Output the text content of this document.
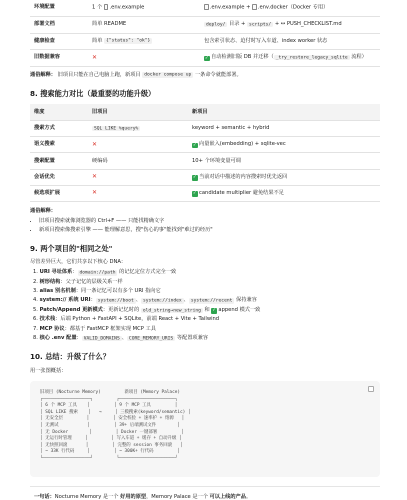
环境配置	1 个 .env.example	.env.example + .env.docker（Docker 专用）
部署文档	简单 README	deploy/ 目录 + scripts/ + ↔ PUSH_CHECKLIST.md
健康检查	简单 {"status": "ok"}	包含索引状态、迫付时写入车道、index worker 状态
旧数据兼容	✕	✓ 自动检测旧版 DB 并迁移（ _try_restore_legacy_sqlite 流程）

通俗解释： 旧项目只能在自己电脑上跑，新项目 docker compose up 一条命令就能部署。

8. 搜索能力对比（最重要的功能升级）
维度	旧项目	新项目
搜索方式	SQL LIKE %query%	keyword + semantic + hybrid
语义搜索	✕	✓ 向量嵌入(embedding) + sqlite-vec
搜索配置	硬编码	10+ 个环境变量可调
会话优先	✕	✓ 当前对话中描述的内容搜索时优先返回
候选项扩展	✕	✓ candidate multiplier 避免结果不足

通俗解释：

• 旧项目搜索就像浏览器的 Ctrl+F —— 只能找精确文字
• 新项目搜索像搜索引擎 —— 能理解意思，搜"伤心的事"能找到"难过的经历"
9. 两个项目的"相同之处"

尽管差异巨大，它们共享以下核心 DNA：

1. URI 寻址体系： domain://path 的记忆定位方式完全一致
2. 树形结构：父子记忆的层级关系一样
3. alias 别名机制：同一条记忆可以有多个 URI 指向它
4. system:// 系统 URI： system://boot 、 system://index 、 system://recent 保持兼容
5. Patch/Append 更新模式：更新记忆时的 old_string→new_string 和 ✓ append 模式一致
6. 技术栈：后端 Python + FastAPI + SQLite，前端 React + Vite + Tailwind
7. MCP 协议：都基于 FastMCP 框架实现 MCP 工具
8. 核心 .env 配置： VALID_DOMAINS 、 CORE_MEMORY_URIS 等配置项兼容
10. 总结：升级了什么？

用一张图概括：

旧项目 (Nocturne Memory)         新项目 (Memory Palace)
┌──────────────────┐         ┌─────────────────────┐
│ 6 个 MCP 工具    │         │ 9 个 MCP 工具         │
│ SQL LIKE 搜索    │   →     │ 三模搜索(keyword/semantic) │
│ 无安全层         │         │ 安全校验 + 速率护 + 熔源   │
│ 无测试           │         │ 39+ 后端测试文件        │
│ 无 Docker        │         │ Docker 一键部署         │
│ 无运行时管理     │         │ 写入车道 + 缓存 + 自动升级 │
│ 无快照回滚       │         │ 完整的 session 事务回滚   │
│ ~ 33K 行代码     │         │ ~ 300K+ 行代码         │
└──────────────────┘         └─────────────────────┘

一句话：Nocturne Memory 是一个 好用的原型，Memory Palace 是一个 可以上线的产品。
